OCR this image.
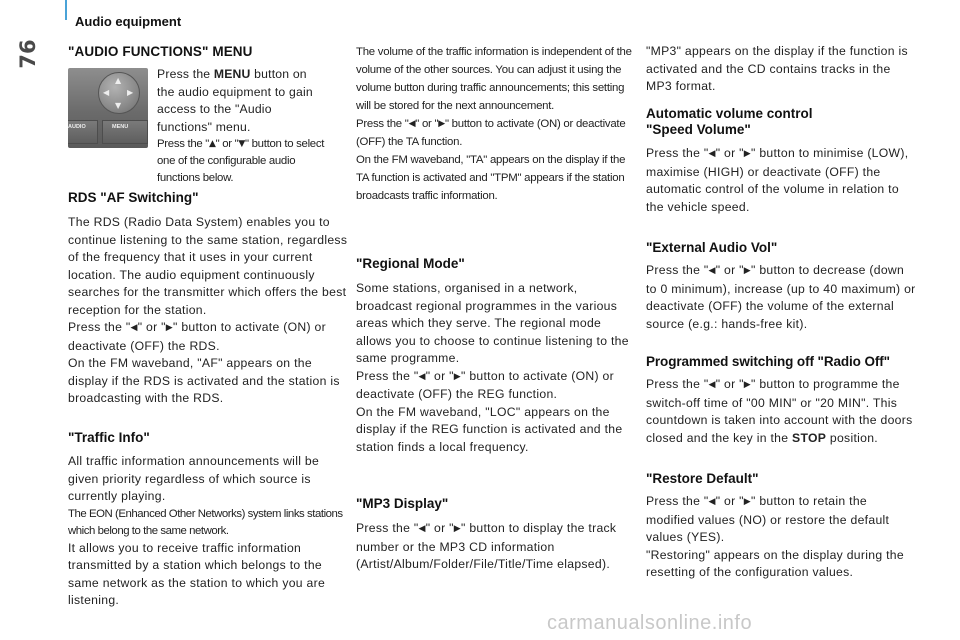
76
Audio equipment
"AUDIO FUNCTIONS" MENU
▲
▼
◀ ▶
AUDIO	MENU

Press the MENU button on the audio equipment to gain access to the "Audio functions" menu.

Press the "▲" or "▼" button to select one of the configurable audio functions below.

RDS "AF Switching"

The RDS (Radio Data System) enables you to continue listening to the same station, regardless of the frequency that it uses in your current location. The audio equipment continuously searches for the transmitter which offers the best reception for the station.

Press the "◀" or "▶" button to activate (ON) or deactivate (OFF) the RDS.

On the FM waveband, "AF" appears on the display if the RDS is activated and the station is broadcasting with the RDS.

"Traffic Info"

All traffic information announcements will be given priority regardless of which source is currently playing.

The EON (Enhanced Other Networks) system links stations which belong to the same network.

It allows you to receive traffic information transmitted by a station which belongs to the same network as the station to which you are listening.

The volume of the traffic information is independent of the volume of the other sources. You can adjust it using the volume button during traffic announcements; this setting will be stored for the next announcement.

Press the "◀" or "▶" button to activate (ON) or deactivate (OFF) the TA function.

On the FM waveband, "TA" appears on the display if the TA function is activated and "TPM" appears if the station broadcasts traffic information.

"Regional Mode"

Some stations, organised in a network, broadcast regional programmes in the various areas which they serve. The regional mode allows you to choose to continue listening to the same programme.

Press the "◀" or "▶" button to activate (ON) or deactivate (OFF) the REG function.

On the FM waveband, "LOC" appears on the display if the REG function is activated and the station finds a local frequency.

"MP3 Display"

Press the "◀" or "▶" button to display the track number or the MP3 CD information (Artist/Album/Folder/File/Title/Time elapsed).

"MP3" appears on the display if the function is activated and the CD contains tracks in the MP3 format.

Automatic volume control
"Speed Volume"

Press the "◀" or "▶" button to minimise (LOW), maximise (HIGH) or deactivate (OFF) the automatic control of the volume in relation to the vehicle speed.

"External Audio Vol"

Press the "◀" or "▶" button to decrease (down to 0 minimum), increase (up to 40 maximum) or deactivate (OFF) the volume of the external source (e.g.: hands-free kit).

Programmed switching off "Radio Off"

Press the "◀" or "▶" button to programme the switch-off time of "00 MIN" or "20 MIN". This countdown is taken into account with the doors closed and the key in the STOP position.

"Restore Default"

Press the "◀" or "▶" button to retain the modified values (NO) or restore the default values (YES).

"Restoring" appears on the display during the resetting of the configuration values.

carmanualsonline.info
